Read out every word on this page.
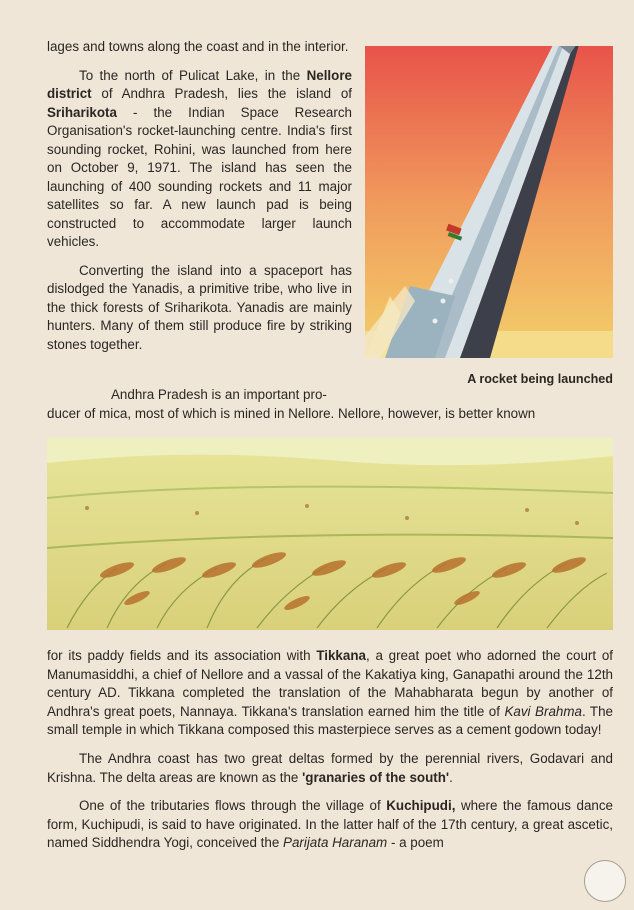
lages and towns along the coast and in the interior.

To the north of Pulicat Lake, in the Nellore district of Andhra Pradesh, lies the island of Sriharikota - the Indian Space Research Organisation's rocket-launching centre. India's first sounding rocket, Rohini, was launched from here on October 9, 1971. The island has seen the launching of 400 sounding rockets and 11 major satellites so far. A new launch pad is being constructed to accommodate larger launch vehicles.

Converting the island into a spaceport has dislodged the Yanadis, a primitive tribe, who live in the thick forests of Sriharikota. Yanadis are mainly hunters. Many of them still produce fire by striking stones together.

A rocket being launched

Andhra Pradesh is an important pro-

ducer of mica, most of which is mined in Nellore. Nellore, however, is better known

for its paddy fields and its association with Tikkana, a great poet who adorned the court of Manumasiddhi, a chief of Nellore and a vassal of the Kakatiya king, Ganapathi around the 12th century AD. Tikkana completed the translation of the Mahabharata begun by another of Andhra's great poets, Nannaya. Tikkana's translation earned him the title of Kavi Brahma. The small temple in which Tikkana composed this masterpiece serves as a cement godown today!

The Andhra coast has two great deltas formed by the perennial rivers, Godavari and Krishna. The delta areas are known as the 'granaries of the south'.

One of the tributaries flows through the village of Kuchipudi, where the famous dance form, Kuchipudi, is said to have originated. In the latter half of the 17th century, a great ascetic, named Siddhendra Yogi, conceived the Parijata Haranam - a poem
